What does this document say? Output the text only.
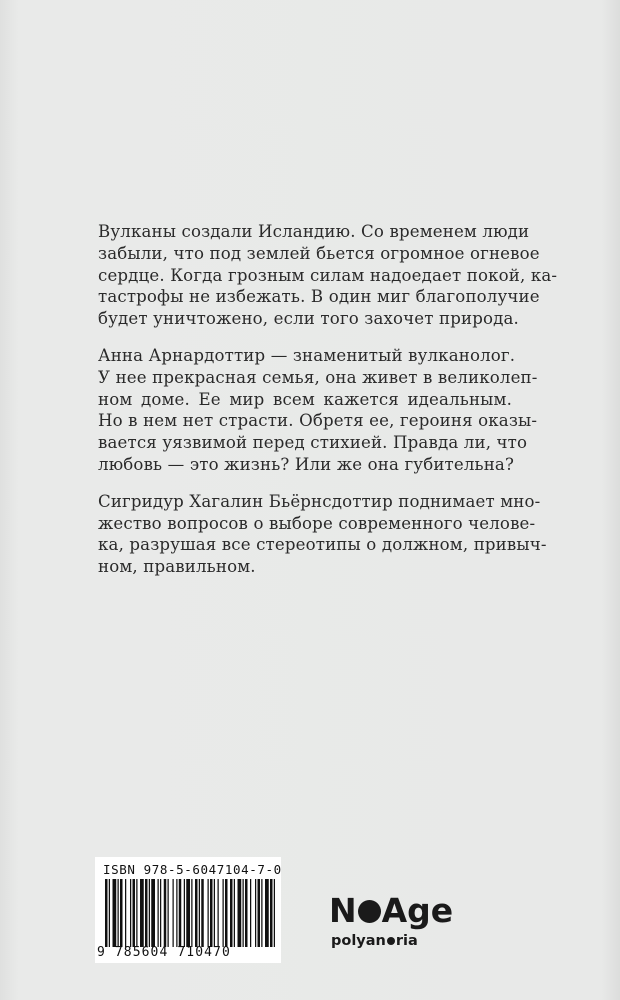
Вулканы создали Исландию. Со временем люди
забыли, что под землей бьется огромное огневое
сердце. Когда грозным силам надоедает покой, ка-
тастрофы не избежать. В один миг благополучие
будет уничтожено, если того захочет природа.

Анна Арнардоттир — знаменитый вулканолог.
У нее прекрасная семья, она живет в великолеп-
ном доме. Ее мир всем кажется идеальным.
Но в нем нет страсти. Обретя ее, героиня оказы-
вается уязвимой перед стихией. Правда ли, что
любовь — это жизнь? Или же она губительна?

Сигридур Хагалин Бьёрнсдоттир поднимает мно-
жество вопросов о выборе современного челове-
ка, разрушая все стереотипы о должном, привыч-
ном, правильном.

ISBN 978-5-6047104-7-0
9 785604 710470
N Age
polyan ria
